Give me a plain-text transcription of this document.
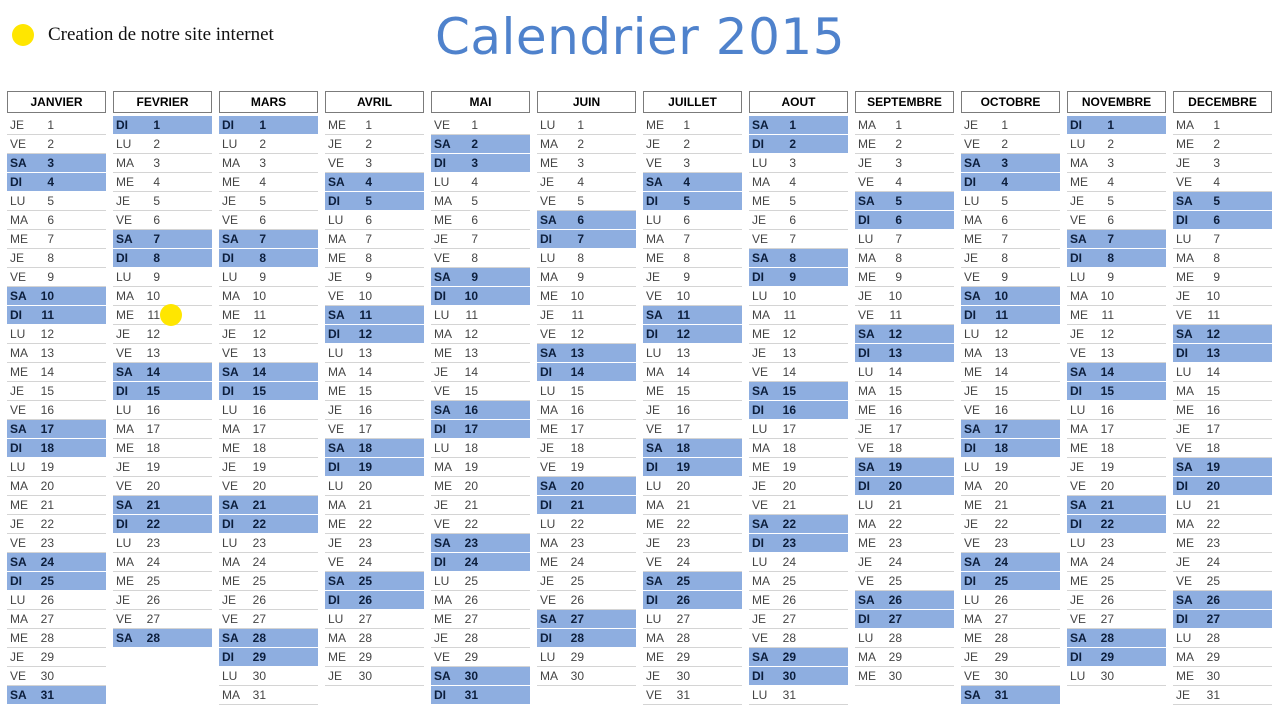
Creation de notre site internet	Calendrier 2015
JANVIER
JE 1
VE 2
SA 3
DI 4
LU 5
MA 6
ME 7
JE 8
VE 9
SA 10
DI 11
LU 12
MA 13
ME 14
JE 15
VE 16
SA 17
DI 18
LU 19
MA 20
ME 21
JE 22
VE 23
SA 24
DI 25
LU 26
MA 27
ME 28
JE 29
VE 30
SA 31
FEVRIER
DI 1
LU 2
MA 3
ME 4
JE 5
VE 6
SA 7
DI 8
LU 9
MA 10
ME 11
JE 12
VE 13
SA 14
DI 15
LU 16
MA 17
ME 18
JE 19
VE 20
SA 21
DI 22
LU 23
MA 24
ME 25
JE 26
VE 27
SA 28
MARS
DI 1
LU 2
MA 3
ME 4
JE 5
VE 6
SA 7
DI 8
LU 9
MA 10
ME 11
JE 12
VE 13
SA 14
DI 15
LU 16
MA 17
ME 18
JE 19
VE 20
SA 21
DI 22
LU 23
MA 24
ME 25
JE 26
VE 27
SA 28
DI 29
LU 30
MA 31
AVRIL
ME 1
JE 2
VE 3
SA 4
DI 5
LU 6
MA 7
ME 8
JE 9
VE 10
SA 11
DI 12
LU 13
MA 14
ME 15
JE 16
VE 17
SA 18
DI 19
LU 20
MA 21
ME 22
JE 23
VE 24
SA 25
DI 26
LU 27
MA 28
ME 29
JE 30
MAI
VE 1
SA 2
DI 3
LU 4
MA 5
ME 6
JE 7
VE 8
SA 9
DI 10
LU 11
MA 12
ME 13
JE 14
VE 15
SA 16
DI 17
LU 18
MA 19
ME 20
JE 21
VE 22
SA 23
DI 24
LU 25
MA 26
ME 27
JE 28
VE 29
SA 30
DI 31
JUIN
LU 1
MA 2
ME 3
JE 4
VE 5
SA 6
DI 7
LU 8
MA 9
ME 10
JE 11
VE 12
SA 13
DI 14
LU 15
MA 16
ME 17
JE 18
VE 19
SA 20
DI 21
LU 22
MA 23
ME 24
JE 25
VE 26
SA 27
DI 28
LU 29
MA 30
JUILLET
ME 1
JE 2
VE 3
SA 4
DI 5
LU 6
MA 7
ME 8
JE 9
VE 10
SA 11
DI 12
LU 13
MA 14
ME 15
JE 16
VE 17
SA 18
DI 19
LU 20
MA 21
ME 22
JE 23
VE 24
SA 25
DI 26
LU 27
MA 28
ME 29
JE 30
VE 31
AOUT
SA 1
DI 2
LU 3
MA 4
ME 5
JE 6
VE 7
SA 8
DI 9
LU 10
MA 11
ME 12
JE 13
VE 14
SA 15
DI 16
LU 17
MA 18
ME 19
JE 20
VE 21
SA 22
DI 23
LU 24
MA 25
ME 26
JE 27
VE 28
SA 29
DI 30
LU 31
SEPTEMBRE
MA 1
ME 2
JE 3
VE 4
SA 5
DI 6
LU 7
MA 8
ME 9
JE 10
VE 11
SA 12
DI 13
LU 14
MA 15
ME 16
JE 17
VE 18
SA 19
DI 20
LU 21
MA 22
ME 23
JE 24
VE 25
SA 26
DI 27
LU 28
MA 29
ME 30
OCTOBRE
JE 1
VE 2
SA 3
DI 4
LU 5
MA 6
ME 7
JE 8
VE 9
SA 10
DI 11
LU 12
MA 13
ME 14
JE 15
VE 16
SA 17
DI 18
LU 19
MA 20
ME 21
JE 22
VE 23
SA 24
DI 25
LU 26
MA 27
ME 28
JE 29
VE 30
SA 31
NOVEMBRE
DI 1
LU 2
MA 3
ME 4
JE 5
VE 6
SA 7
DI 8
LU 9
MA 10
ME 11
JE 12
VE 13
SA 14
DI 15
LU 16
MA 17
ME 18
JE 19
VE 20
SA 21
DI 22
LU 23
MA 24
ME 25
JE 26
VE 27
SA 28
DI 29
LU 30
DECEMBRE
MA 1
ME 2
JE 3
VE 4
SA 5
DI 6
LU 7
MA 8
ME 9
JE 10
VE 11
SA 12
DI 13
LU 14
MA 15
ME 16
JE 17
VE 18
SA 19
DI 20
LU 21
MA 22
ME 23
JE 24
VE 25
SA 26
DI 27
LU 28
MA 29
ME 30
JE 31
